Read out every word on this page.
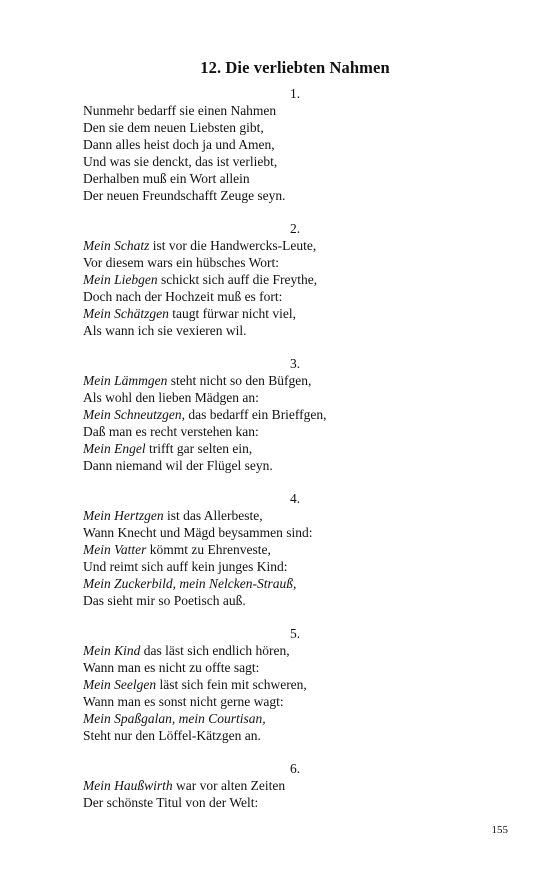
12. Die verliebten Nahmen
1.
Nunmehr bedarff sie einen Nahmen
Den sie dem neuen Liebsten gibt,
Dann alles heist doch ja und Amen,
Und was sie denckt, das ist verliebt,
Derhalben muß ein Wort allein
Der neuen Freundschafft Zeuge seyn.
2.
Mein Schatz ist vor die Handwercks-Leute,
Vor diesem wars ein hübsches Wort:
Mein Liebgen schickt sich auff die Freythe,
Doch nach der Hochzeit muß es fort:
Mein Schätzgen taugt fürwar nicht viel,
Als wann ich sie vexieren wil.
3.
Mein Lämmgen steht nicht so den Büfgen,
Als wohl den lieben Mädgen an:
Mein Schneutzgen, das bedarff ein Brieffgen,
Daß man es recht verstehen kan:
Mein Engel trifft gar selten ein,
Dann niemand wil der Flügel seyn.
4.
Mein Hertzgen ist das Allerbeste,
Wann Knecht und Mägd beysammen sind:
Mein Vatter kömmt zu Ehrenveste,
Und reimt sich auff kein junges Kind:
Mein Zuckerbild, mein Nelcken-Strauß,
Das sieht mir so Poetisch auß.
5.
Mein Kind das läst sich endlich hören,
Wann man es nicht zu offte sagt:
Mein Seelgen läst sich fein mit schweren,
Wann man es sonst nicht gerne wagt:
Mein Spaßgalan, mein Courtisan,
Steht nur den Löffel-Kätzgen an.
6.
Mein Haußwirth war vor alten Zeiten
Der schönste Titul von der Welt:
155
